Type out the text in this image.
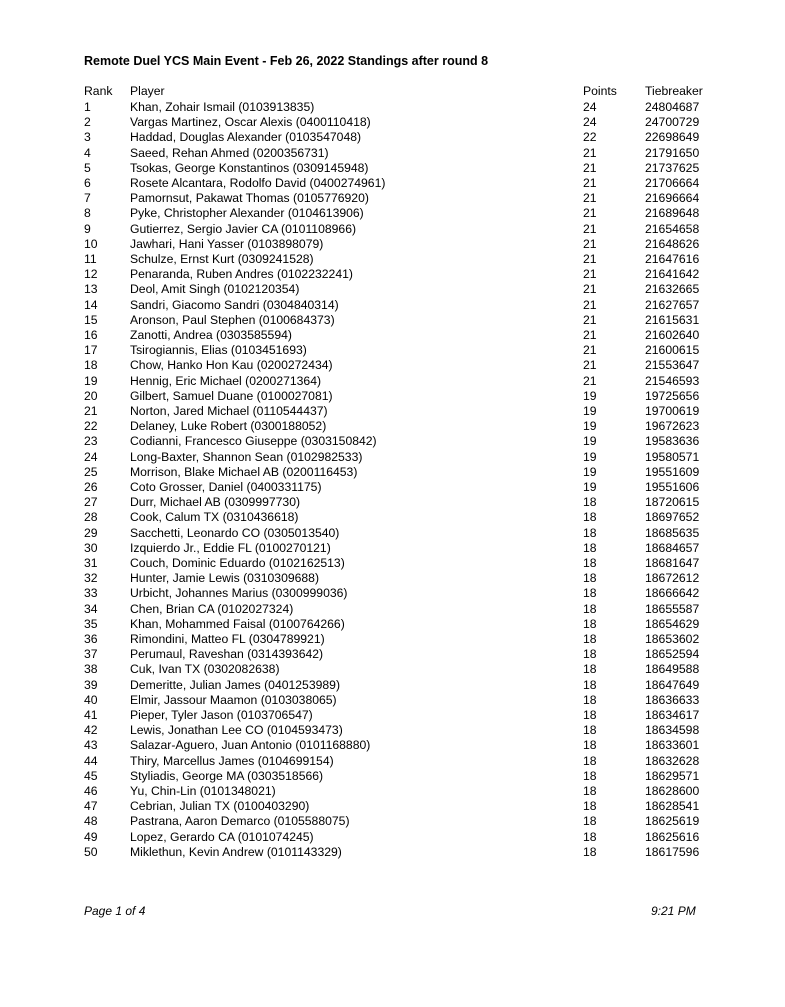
Remote Duel YCS Main Event - Feb 26, 2022 Standings after round 8
Rank Player	Points Tiebreaker
1	Khan, Zohair Ismail (0103913835)	24	24804687
2	Vargas Martinez, Oscar Alexis (0400110418)	24	24700729
3	Haddad, Douglas Alexander (0103547048)	22	22698649
4	Saeed, Rehan Ahmed (0200356731)	21	21791650
5	Tsokas, George Konstantinos (0309145948)	21	21737625
6	Rosete Alcantara, Rodolfo David (0400274961)	21	21706664
7	Pamornsut, Pakawat Thomas (0105776920)	21	21696664
8	Pyke, Christopher Alexander (0104613906)	21	21689648
9	Gutierrez, Sergio Javier CA (0101108966)	21	21654658
10	Jawhari, Hani Yasser (0103898079)	21	21648626
11	Schulze, Ernst Kurt (0309241528)	21	21647616
12	Penaranda, Ruben Andres (0102232241)	21	21641642
13	Deol, Amit Singh (0102120354)	21	21632665
14	Sandri, Giacomo Sandri (0304840314)	21	21627657
15	Aronson, Paul Stephen (0100684373)	21	21615631
16	Zanotti, Andrea (0303585594)	21	21602640
17	Tsirogiannis, Elias (0103451693)	21	21600615
18	Chow, Hanko Hon Kau (0200272434)	21	21553647
19	Hennig, Eric Michael (0200271364)	21	21546593
20	Gilbert, Samuel Duane (0100027081)	19	19725656
21	Norton, Jared Michael (0110544437)	19	19700619
22	Delaney, Luke Robert (0300188052)	19	19672623
23	Codianni, Francesco Giuseppe (0303150842)	19	19583636
24	Long-Baxter, Shannon Sean (0102982533)	19	19580571
25	Morrison, Blake Michael AB (0200116453)	19	19551609
26	Coto Grosser, Daniel (0400331175)	19	19551606
27	Durr, Michael AB (0309997730)	18	18720615
28	Cook, Calum TX (0310436618)	18	18697652
29	Sacchetti, Leonardo CO (0305013540)	18	18685635
30	Izquierdo Jr., Eddie FL (0100270121)	18	18684657
31	Couch, Dominic Eduardo (0102162513)	18	18681647
32	Hunter, Jamie Lewis (0310309688)	18	18672612
33	Urbicht, Johannes Marius (0300999036)	18	18666642
34	Chen, Brian CA (0102027324)	18	18655587
35	Khan, Mohammed Faisal (0100764266)	18	18654629
36	Rimondini, Matteo FL (0304789921)	18	18653602
37	Perumaul, Raveshan (0314393642)	18	18652594
38	Cuk, Ivan TX (0302082638)	18	18649588
39	Demeritte, Julian James (0401253989)	18	18647649
40	Elmir, Jassour Maamon (0103038065)	18	18636633
41	Pieper, Tyler Jason (0103706547)	18	18634617
42	Lewis, Jonathan Lee CO (0104593473)	18	18634598
43	Salazar-Aguero, Juan Antonio (0101168880)	18	18633601
44	Thiry, Marcellus James (0104699154)	18	18632628
45	Styliadis, George MA (0303518566)	18	18629571
46	Yu, Chin-Lin (0101348021)	18	18628600
47	Cebrian, Julian TX (0100403290)	18	18628541
48	Pastrana, Aaron Demarco (0105588075)	18	18625619
49	Lopez, Gerardo CA (0101074245)	18	18625616
50	Miklethun, Kevin Andrew (0101143329)	18	18617596
Page 1 of 4	9:21 PM
